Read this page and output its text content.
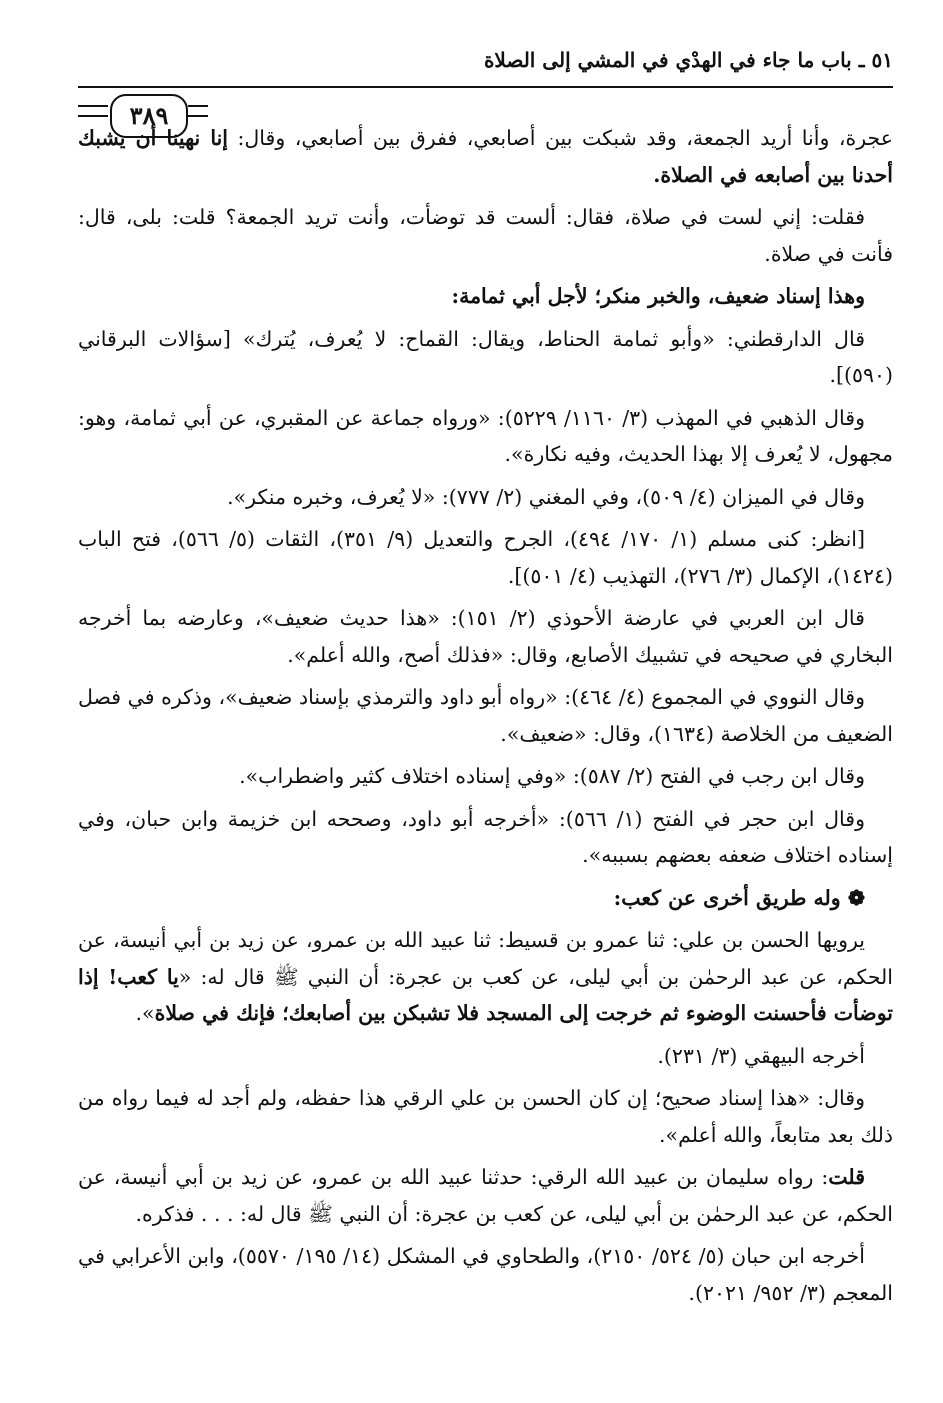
٥١ ـ باب ما جاء في الهدْي في المشي إلى الصلاة
٣٨٩

عجرة، وأنا أريد الجمعة، وقد شبكت بين أصابعي، ففرق بين أصابعي، وقال: إنا نهينا أن يشبك أحدنا بين أصابعه في الصلاة.

فقلت: إني لست في صلاة، فقال: ألست قد توضأت، وأنت تريد الجمعة؟ قلت: بلى، قال: فأنت في صلاة.

وهذا إسناد ضعيف، والخبر منكر؛ لأجل أبي ثمامة:

قال الدارقطني: «وأبو ثمامة الحناط، ويقال: القماح: لا يُعرف، يُترك» [سؤالات البرقاني (٥٩٠)].

وقال الذهبي في المهذب (٣/ ١١٦٠/ ٥٢٢٩): «ورواه جماعة عن المقبري، عن أبي ثمامة، وهو: مجهول، لا يُعرف إلا بهذا الحديث، وفيه نكارة».

وقال في الميزان (٤/ ٥٠٩)، وفي المغني (٢/ ٧٧٧): «لا يُعرف، وخبره منكر».

[انظر: كنى مسلم (١/ ١٧٠/ ٤٩٤)، الجرح والتعديل (٩/ ٣٥١)، الثقات (٥/ ٥٦٦)، فتح الباب (١٤٢٤)، الإكمال (٣/ ٢٧٦)، التهذيب (٤/ ٥٠١)].

قال ابن العربي في عارضة الأحوذي (٢/ ١٥١): «هذا حديث ضعيف»، وعارضه بما أخرجه البخاري في صحيحه في تشبيك الأصابع، وقال: «فذلك أصح، والله أعلم».

وقال النووي في المجموع (٤/ ٤٦٤): «رواه أبو داود والترمذي بإسناد ضعيف»، وذكره في فصل الضعيف من الخلاصة (١٦٣٤)، وقال: «ضعيف».

وقال ابن رجب في الفتح (٢/ ٥٨٧): «وفي إسناده اختلاف كثير واضطراب».

وقال ابن حجر في الفتح (١/ ٥٦٦): «أخرجه أبو داود، وصححه ابن خزيمة وابن حبان، وفي إسناده اختلاف ضعفه بعضهم بسببه».

❁ وله طريق أخرى عن كعب:

يرويها الحسن بن علي: ثنا عمرو بن قسيط: ثنا عبيد الله بن عمرو، عن زيد بن أبي أنيسة، عن الحكم، عن عبد الرحمٰن بن أبي ليلى، عن كعب بن عجرة: أن النبي ﷺ قال له: «يا كعب! إذا توضأت فأحسنت الوضوء ثم خرجت إلى المسجد فلا تشبكن بين أصابعك؛ فإنك في صلاة».

أخرجه البيهقي (٣/ ٢٣١).

وقال: «هذا إسناد صحيح؛ إن كان الحسن بن علي الرقي هذا حفظه، ولم أجد له فيما رواه من ذلك بعد متابعاً، والله أعلم».

قلت: رواه سليمان بن عبيد الله الرقي: حدثنا عبيد الله بن عمرو، عن زيد بن أبي أنيسة، عن الحكم، عن عبد الرحمٰن بن أبي ليلى، عن كعب بن عجرة: أن النبي ﷺ قال له: . . . فذكره.

أخرجه ابن حبان (٥/ ٥٢٤/ ٢١٥٠)، والطحاوي في المشكل (١٤/ ١٩٥/ ٥٥٧٠)، وابن الأعرابي في المعجم (٣/ ٩٥٢/ ٢٠٢١).
